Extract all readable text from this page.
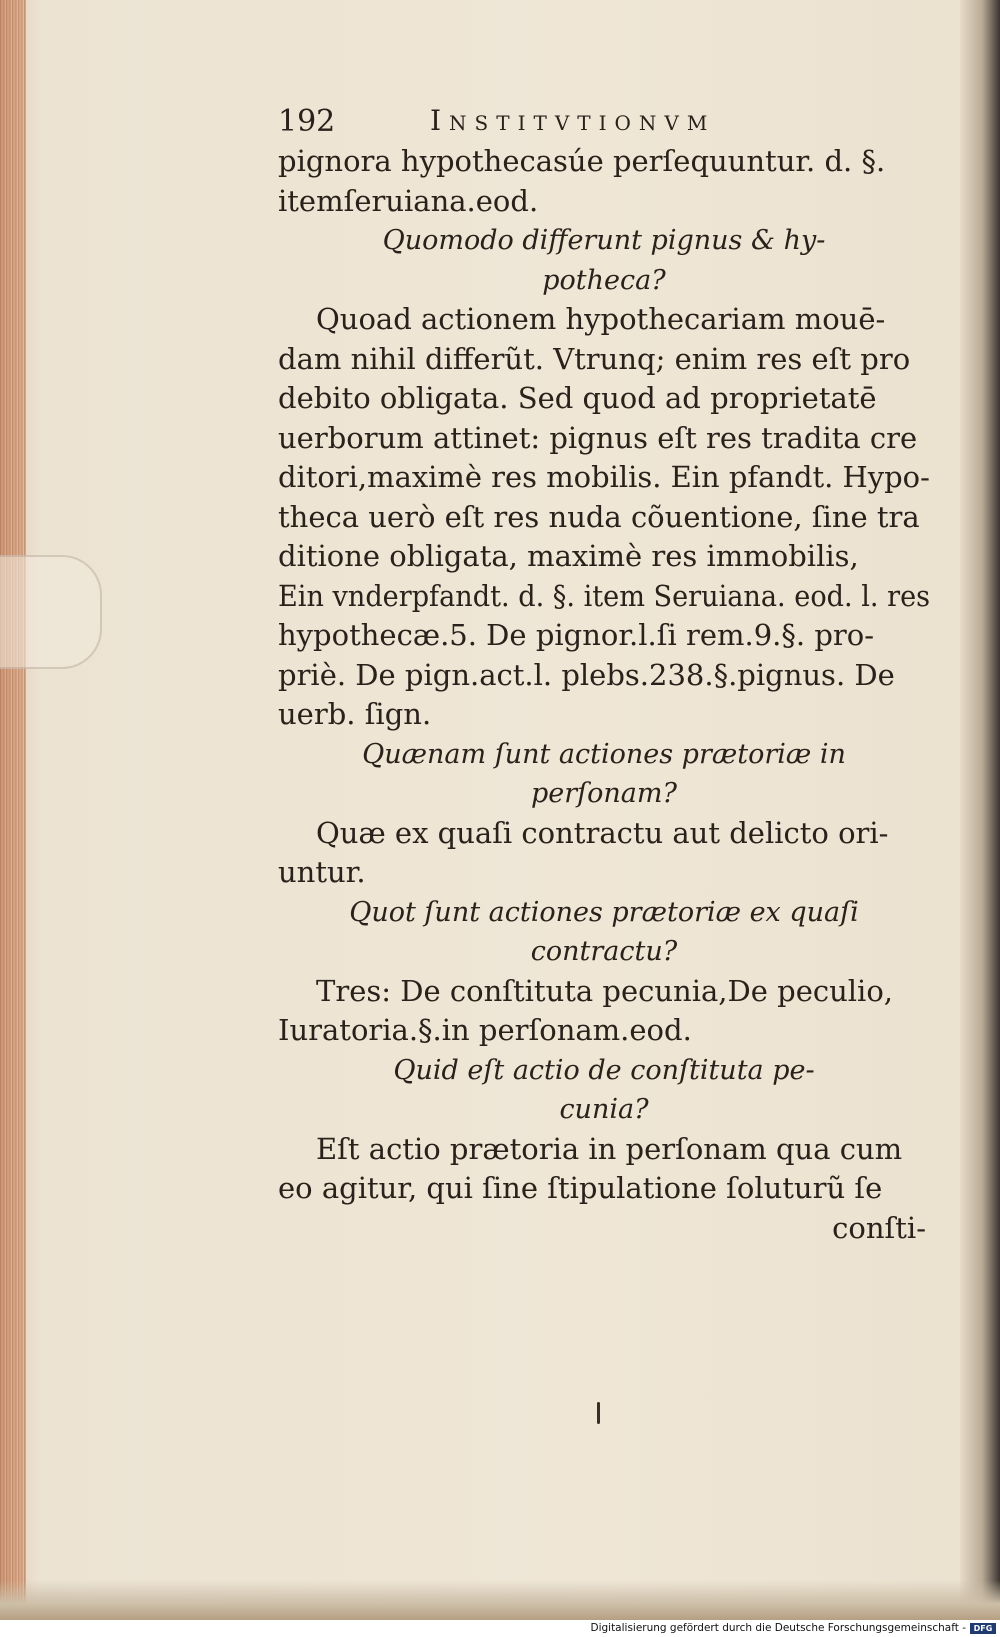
192	Institvtionvm
pignora hypothecasúe perſequuntur. d. §.
itemſeruiana.eod.
Quomodo differunt pignus & hy-
potheca?
Quoad actionem hypothecariam mouē-
dam nihil differũt. Vtrunq; enim res eſt pro
debito obligata. Sed quod ad proprietatē
uerborum attinet: pignus eſt res tradita cre
ditori,maximè res mobilis. Ein pfandt. Hypo-
theca uerò eſt res nuda cõuentione, ſine tra
ditione obligata, maximè res immobilis,
Ein vnderpfandt. d. §. item Seruiana. eod. l. res
hypothecæ.5. De pignor.l.ſi rem.9.§. pro-
priè. De pign.act.l. plebs.238.§.pignus. De
uerb. ſign.
Quænam ſunt actiones prætoriæ in
perſonam?
Quæ ex quaſi contractu aut delicto ori-
untur.
Quot ſunt actiones prætoriæ ex quaſi
contractu?
Tres: De conſtituta pecunia,De peculio,
Iuratoria.§.in perſonam.eod.
Quid eſt actio de conſtituta pe-
cunia?
Eſt actio prætoria in perſonam qua cum
eo agitur, qui ſine ſtipulatione ſoluturũ ſe
conſti-
Digitalisierung gefördert durch die Deutsche Forschungsgemeinschaft - DFG
